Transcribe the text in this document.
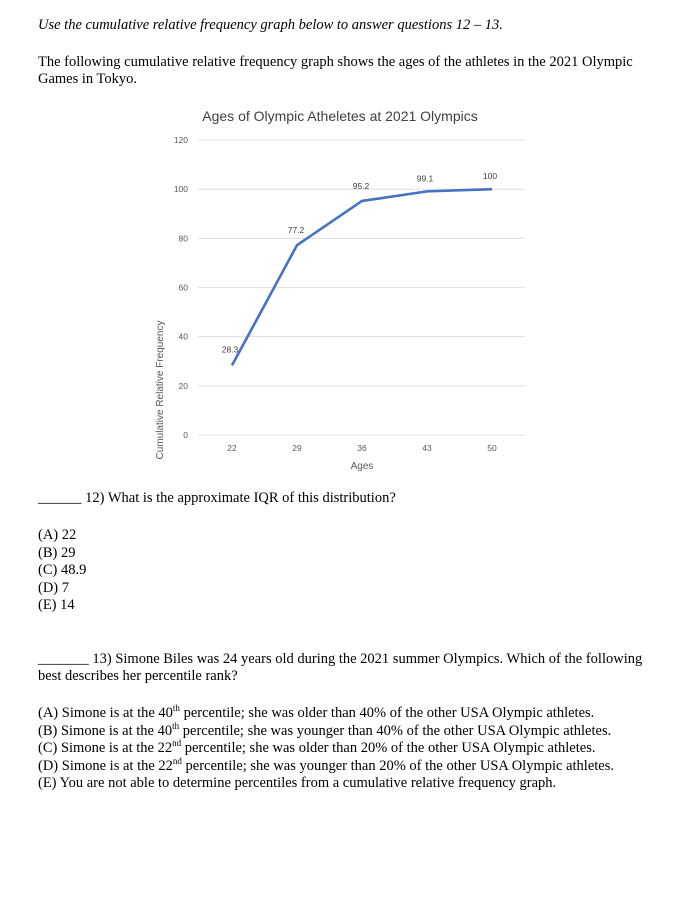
Use the cumulative relative frequency graph below to answer questions 12 – 13.

The following cumulative relative frequency graph shows the ages of the athletes in the 2021 Olympic Games in Tokyo.

Ages of Olympic Atheletes at 2021 Olympics
0
20
40
60
80
100
120
22	29	36	43	50
28.3
77.2
95.2
99.1	100
Ages
Cumulative Relative Frequency

______ 12) What is the approximate IQR of this distribution?

(A) 22
(B) 29
(C) 48.9
(D) 7
(E) 14

_______ 13) Simone Biles was 24 years old during the 2021 summer Olympics. Which of the following best describes her percentile rank?

(A) Simone is at the 40th percentile; she was older than 40% of the other USA Olympic athletes.
(B) Simone is at the 40th percentile; she was younger than 40% of the other USA Olympic athletes.
(C) Simone is at the 22nd percentile; she was older than 20% of the other USA Olympic athletes.
(D) Simone is at the 22nd percentile; she was younger than 20% of the other USA Olympic athletes.
(E) You are not able to determine percentiles from a cumulative relative frequency graph.
